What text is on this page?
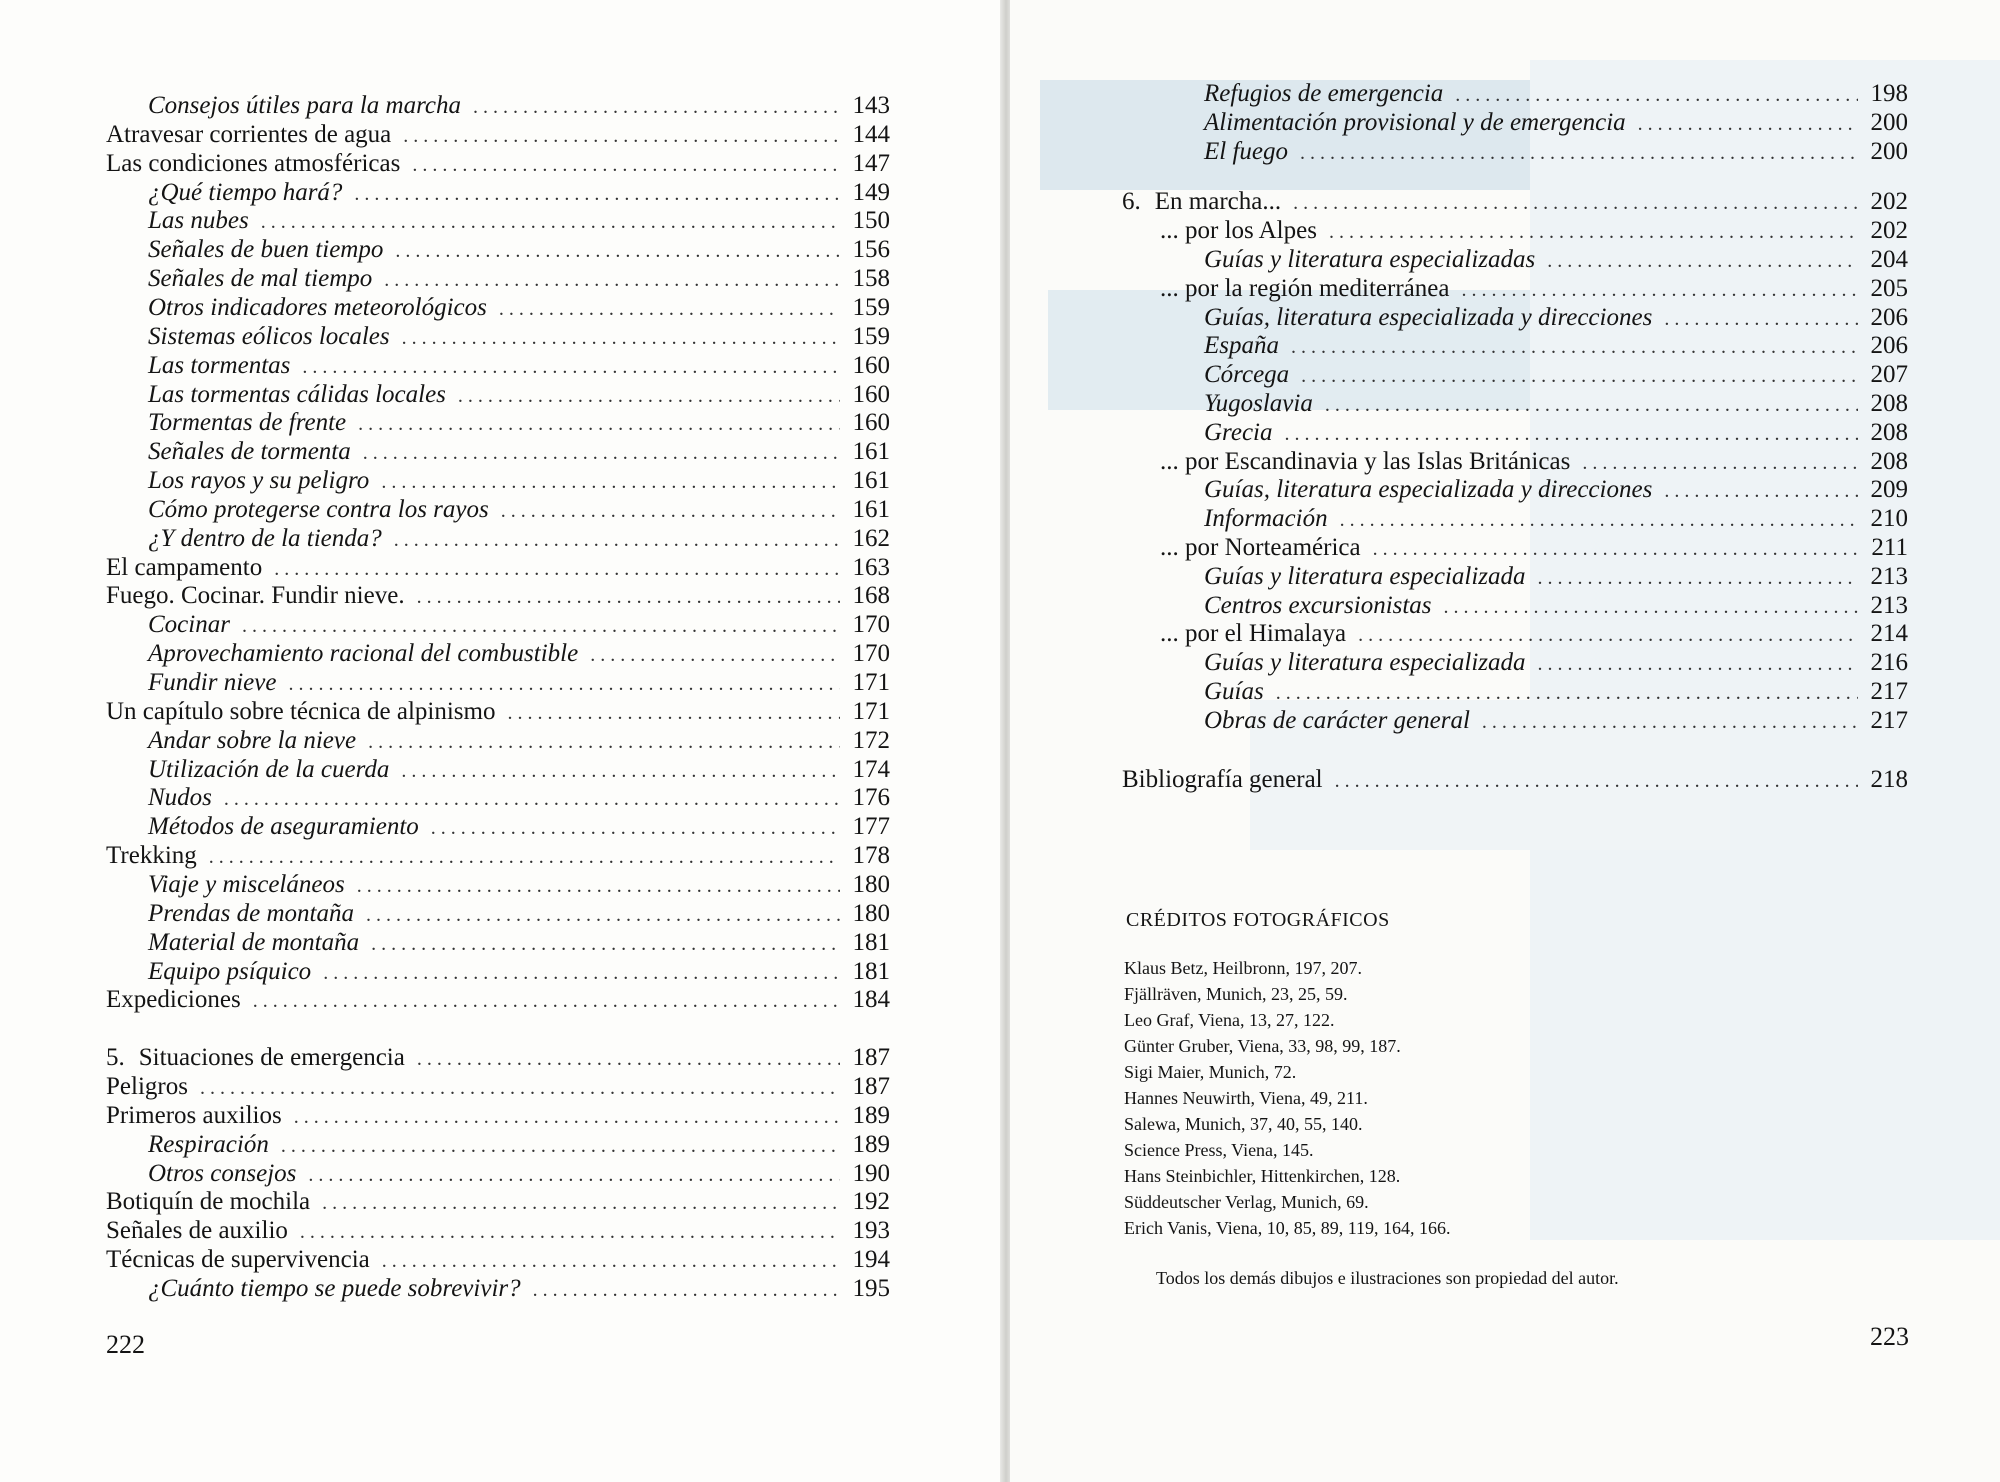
Consejos útiles para la marcha .....	143
Atravesar corrientes de agua .....	144
Las condiciones atmosféricas .....	147
¿Qué tiempo hará? .....	149
Las nubes .....	150
Señales de buen tiempo .....	156
Señales de mal tiempo .....	158
Otros indicadores meteorológicos .....	159
Sistemas eólicos locales .....	159
Las tormentas .....	160
Las tormentas cálidas locales .....	160
Tormentas de frente .....	160
Señales de tormenta .....	161
Los rayos y su peligro .....	161
Cómo protegerse contra los rayos .....	161
¿Y dentro de la tienda? .....	162
El campamento .....	163
Fuego. Cocinar. Fundir nieve. .....	168
Cocinar .....	170
Aprovechamiento racional del combustible .....	170
Fundir nieve .....	171
Un capítulo sobre técnica de alpinismo .....	171
Andar sobre la nieve .....	172
Utilización de la cuerda .....	174
Nudos .....	176
Métodos de aseguramiento .....	177
Trekking .....	178
Viaje y misceláneos .....	180
Prendas de montaña .....	180
Material de montaña .....	181
Equipo psíquico .....	181
Expediciones .....	184
5. Situaciones de emergencia .....	187
Peligros .....	187
Primeros auxilios .....	189
Respiración .....	189
Otros consejos .....	190
Botiquín de mochila .....	192
Señales de auxilio .....	193
Técnicas de supervivencia .....	194
¿Cuánto tiempo se puede sobrevivir? .....	195
Refugios de emergencia .....	198
Alimentación provisional y de emergencia .....	200
El fuego .....	200
6. En marcha... .....	202
... por los Alpes .....	202
Guías y literatura especializadas .....	204
... por la región mediterránea .....	205
Guías, literatura especializada y direcciones .....	206
España .....	206
Córcega .....	207
Yugoslavia .....	208
Grecia .....	208
... por Escandinavia y las Islas Británicas .....	208
Guías, literatura especializada y direcciones .....	209
Información .....	210
... por Norteamérica .....	211
Guías y literatura especializada .....	213
Centros excursionistas .....	213
... por el Himalaya .....	214
Guías y literatura especializada .....	216
Guías .....	217
Obras de carácter general .....	217
Bibliografía general .....	218
222	223
CRÉDITOS FOTOGRÁFICOS
Klaus Betz, Heilbronn, 197, 207.
Fjällräven, Munich, 23, 25, 59.
Leo Graf, Viena, 13, 27, 122.
Günter Gruber, Viena, 33, 98, 99, 187.
Sigi Maier, Munich, 72.
Hannes Neuwirth, Viena, 49, 211.
Salewa, Munich, 37, 40, 55, 140.
Science Press, Viena, 145.
Hans Steinbichler, Hittenkirchen, 128.
Süddeutscher Verlag, Munich, 69.
Erich Vanis, Viena, 10, 85, 89, 119, 164, 166.
Todos los demás dibujos e ilustraciones son propiedad del autor.
